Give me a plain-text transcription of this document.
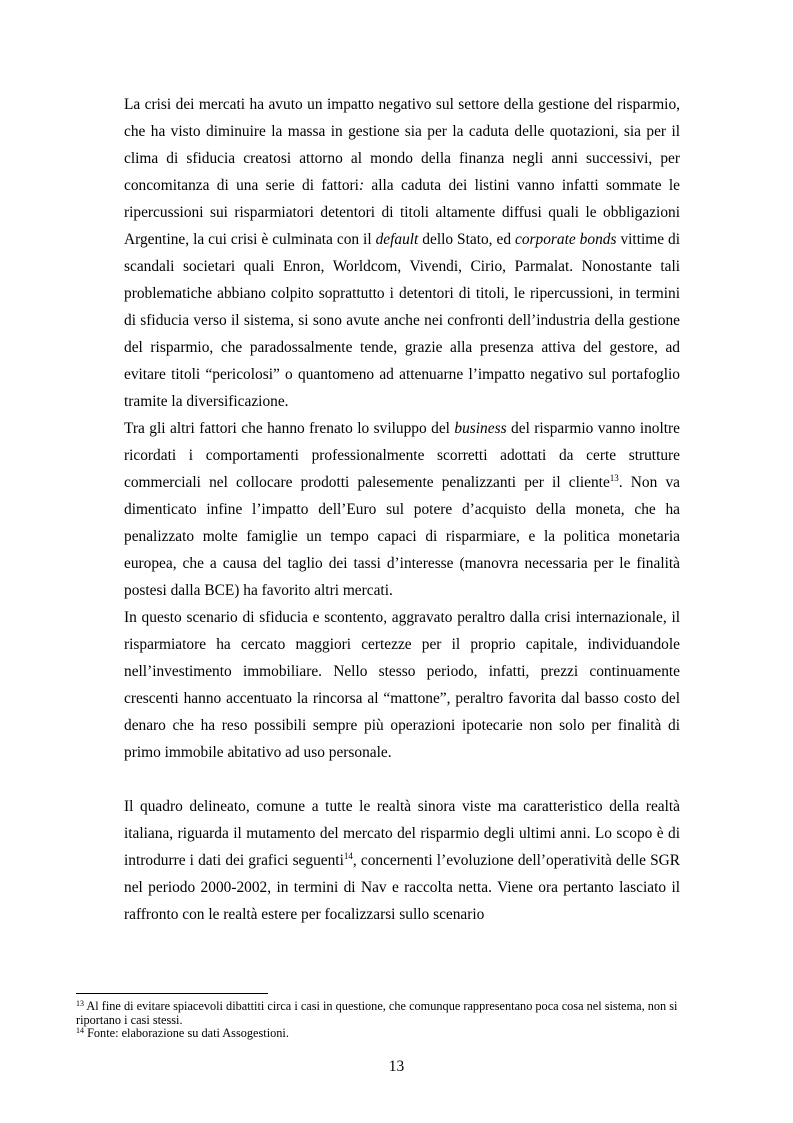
La crisi dei mercati ha avuto un impatto negativo sul settore della gestione del risparmio, che ha visto diminuire la massa in gestione sia per la caduta delle quotazioni, sia per il clima di sfiducia creatosi attorno al mondo della finanza negli anni successivi, per concomitanza di una serie di fattori: alla caduta dei listini vanno infatti sommate le ripercussioni sui risparmiatori detentori di titoli altamente diffusi quali le obbligazioni Argentine, la cui crisi è culminata con il default dello Stato, ed corporate bonds vittime di scandali societari quali Enron, Worldcom, Vivendi, Cirio, Parmalat. Nonostante tali problematiche abbiano colpito soprattutto i detentori di titoli, le ripercussioni, in termini di sfiducia verso il sistema, si sono avute anche nei confronti dell’industria della gestione del risparmio, che paradossalmente tende, grazie alla presenza attiva del gestore, ad evitare titoli “pericolosi” o quantomeno ad attenuarne l’impatto negativo sul portafoglio tramite la diversificazione.

Tra gli altri fattori che hanno frenato lo sviluppo del business del risparmio vanno inoltre ricordati i comportamenti professionalmente scorretti adottati da certe strutture commerciali nel collocare prodotti palesemente penalizzanti per il cliente$^{13}$. Non va dimenticato infine l’impatto dell’Euro sul potere d’acquisto della moneta, che ha penalizzato molte famiglie un tempo capaci di risparmiare, e la politica monetaria europea, che a causa del taglio dei tassi d’interesse (manovra necessaria per le finalità postesi dalla BCE) ha favorito altri mercati.

In questo scenario di sfiducia e scontento, aggravato peraltro dalla crisi internazionale, il risparmiatore ha cercato maggiori certezze per il proprio capitale, individuandole nell’investimento immobiliare. Nello stesso periodo, infatti, prezzi continuamente crescenti hanno accentuato la rincorsa al “mattone”, peraltro favorita dal basso costo del denaro che ha reso possibili sempre più operazioni ipotecarie non solo per finalità di primo immobile abitativo ad uso personale.

Il quadro delineato, comune a tutte le realtà sinora viste ma caratteristico della realtà italiana, riguarda il mutamento del mercato del risparmio degli ultimi anni. Lo scopo è di introdurre i dati dei grafici seguenti$^{14}$, concernenti l’evoluzione dell’operatività delle SGR nel periodo 2000-2002, in termini di Nav e raccolta netta. Viene ora pertanto lasciato il raffronto con le realtà estere per focalizzarsi sullo scenario

$^{13}$ Al fine di evitare spiacevoli dibattiti circa i casi in questione, che comunque rappresentano poca cosa nel sistema, non si riportano i casi stessi.

$^{14}$ Fonte: elaborazione su dati Assogestioni.

13
